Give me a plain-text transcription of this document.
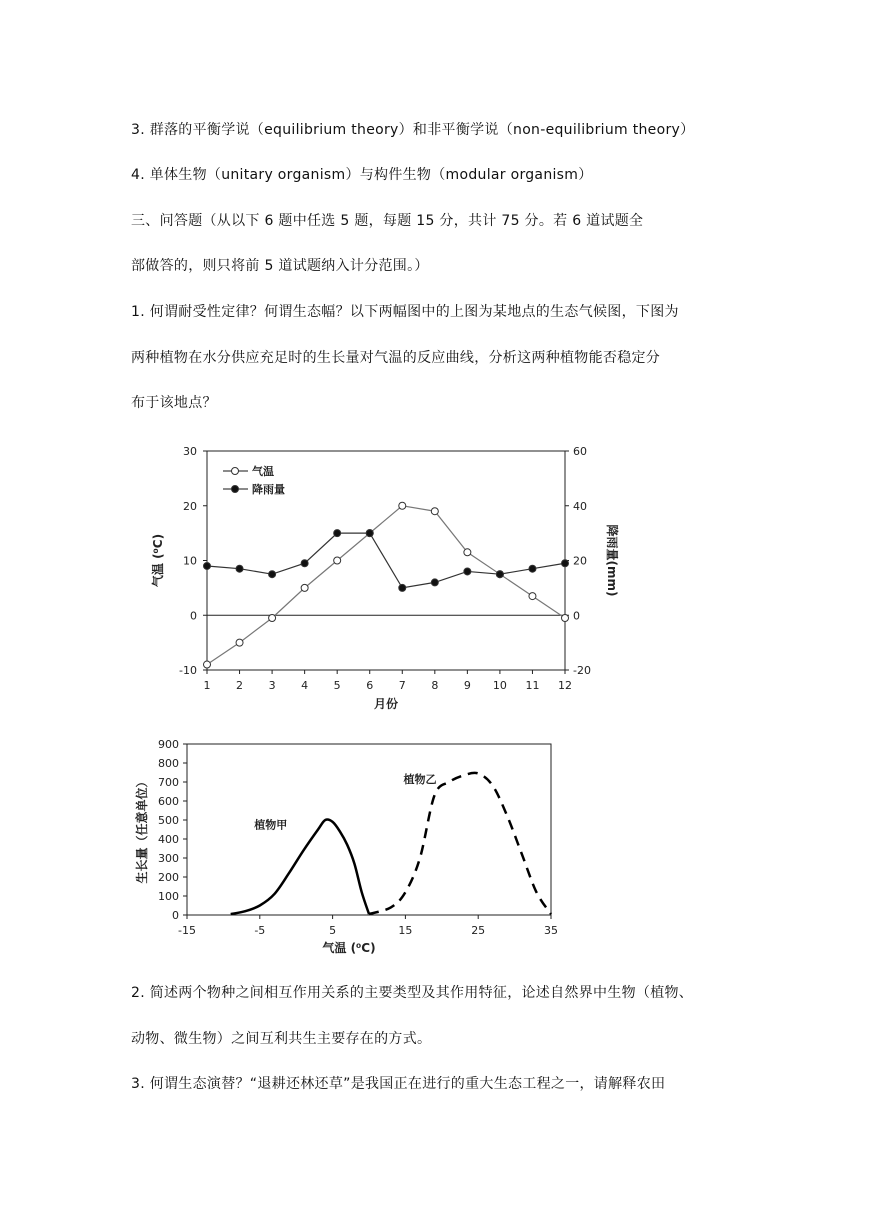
3. 群落的平衡学说（equilibrium theory）和非平衡学说（non-equilibrium theory）
4. 单体生物（unitary organism）与构件生物（modular organism）
三、问答题（从以下 6 题中任选 5 题，每题 15 分，共计 75 分。若 6 道试题全
部做答的，则只将前 5 道试题纳入计分范围。）
1. 何谓耐受性定律？何谓生态幅？以下两幅图中的上图为某地点的生态气候图，下图为
两种植物在水分供应充足时的生长量对气温的反应曲线，分析这两种植物能否稳定分
布于该地点？
-10
0
10
20
30
-20
0
20
40
60
1 2 3 4 5 6 7 8 9 10 11 12
月份
气温 (⁰C)	降雨量(mm)
气温
降雨量
0
100
200
300
400
500
600
700
800
900
-15	-5	5	15	25	35
气温 (⁰C)
生长量（任意单位）	植物甲
植物乙
2. 简述两个物种之间相互作用关系的主要类型及其作用特征，论述自然界中生物（植物、
动物、微生物）之间互利共生主要存在的方式。
3. 何谓生态演替？“退耕还林还草”是我国正在进行的重大生态工程之一，请解释农田
